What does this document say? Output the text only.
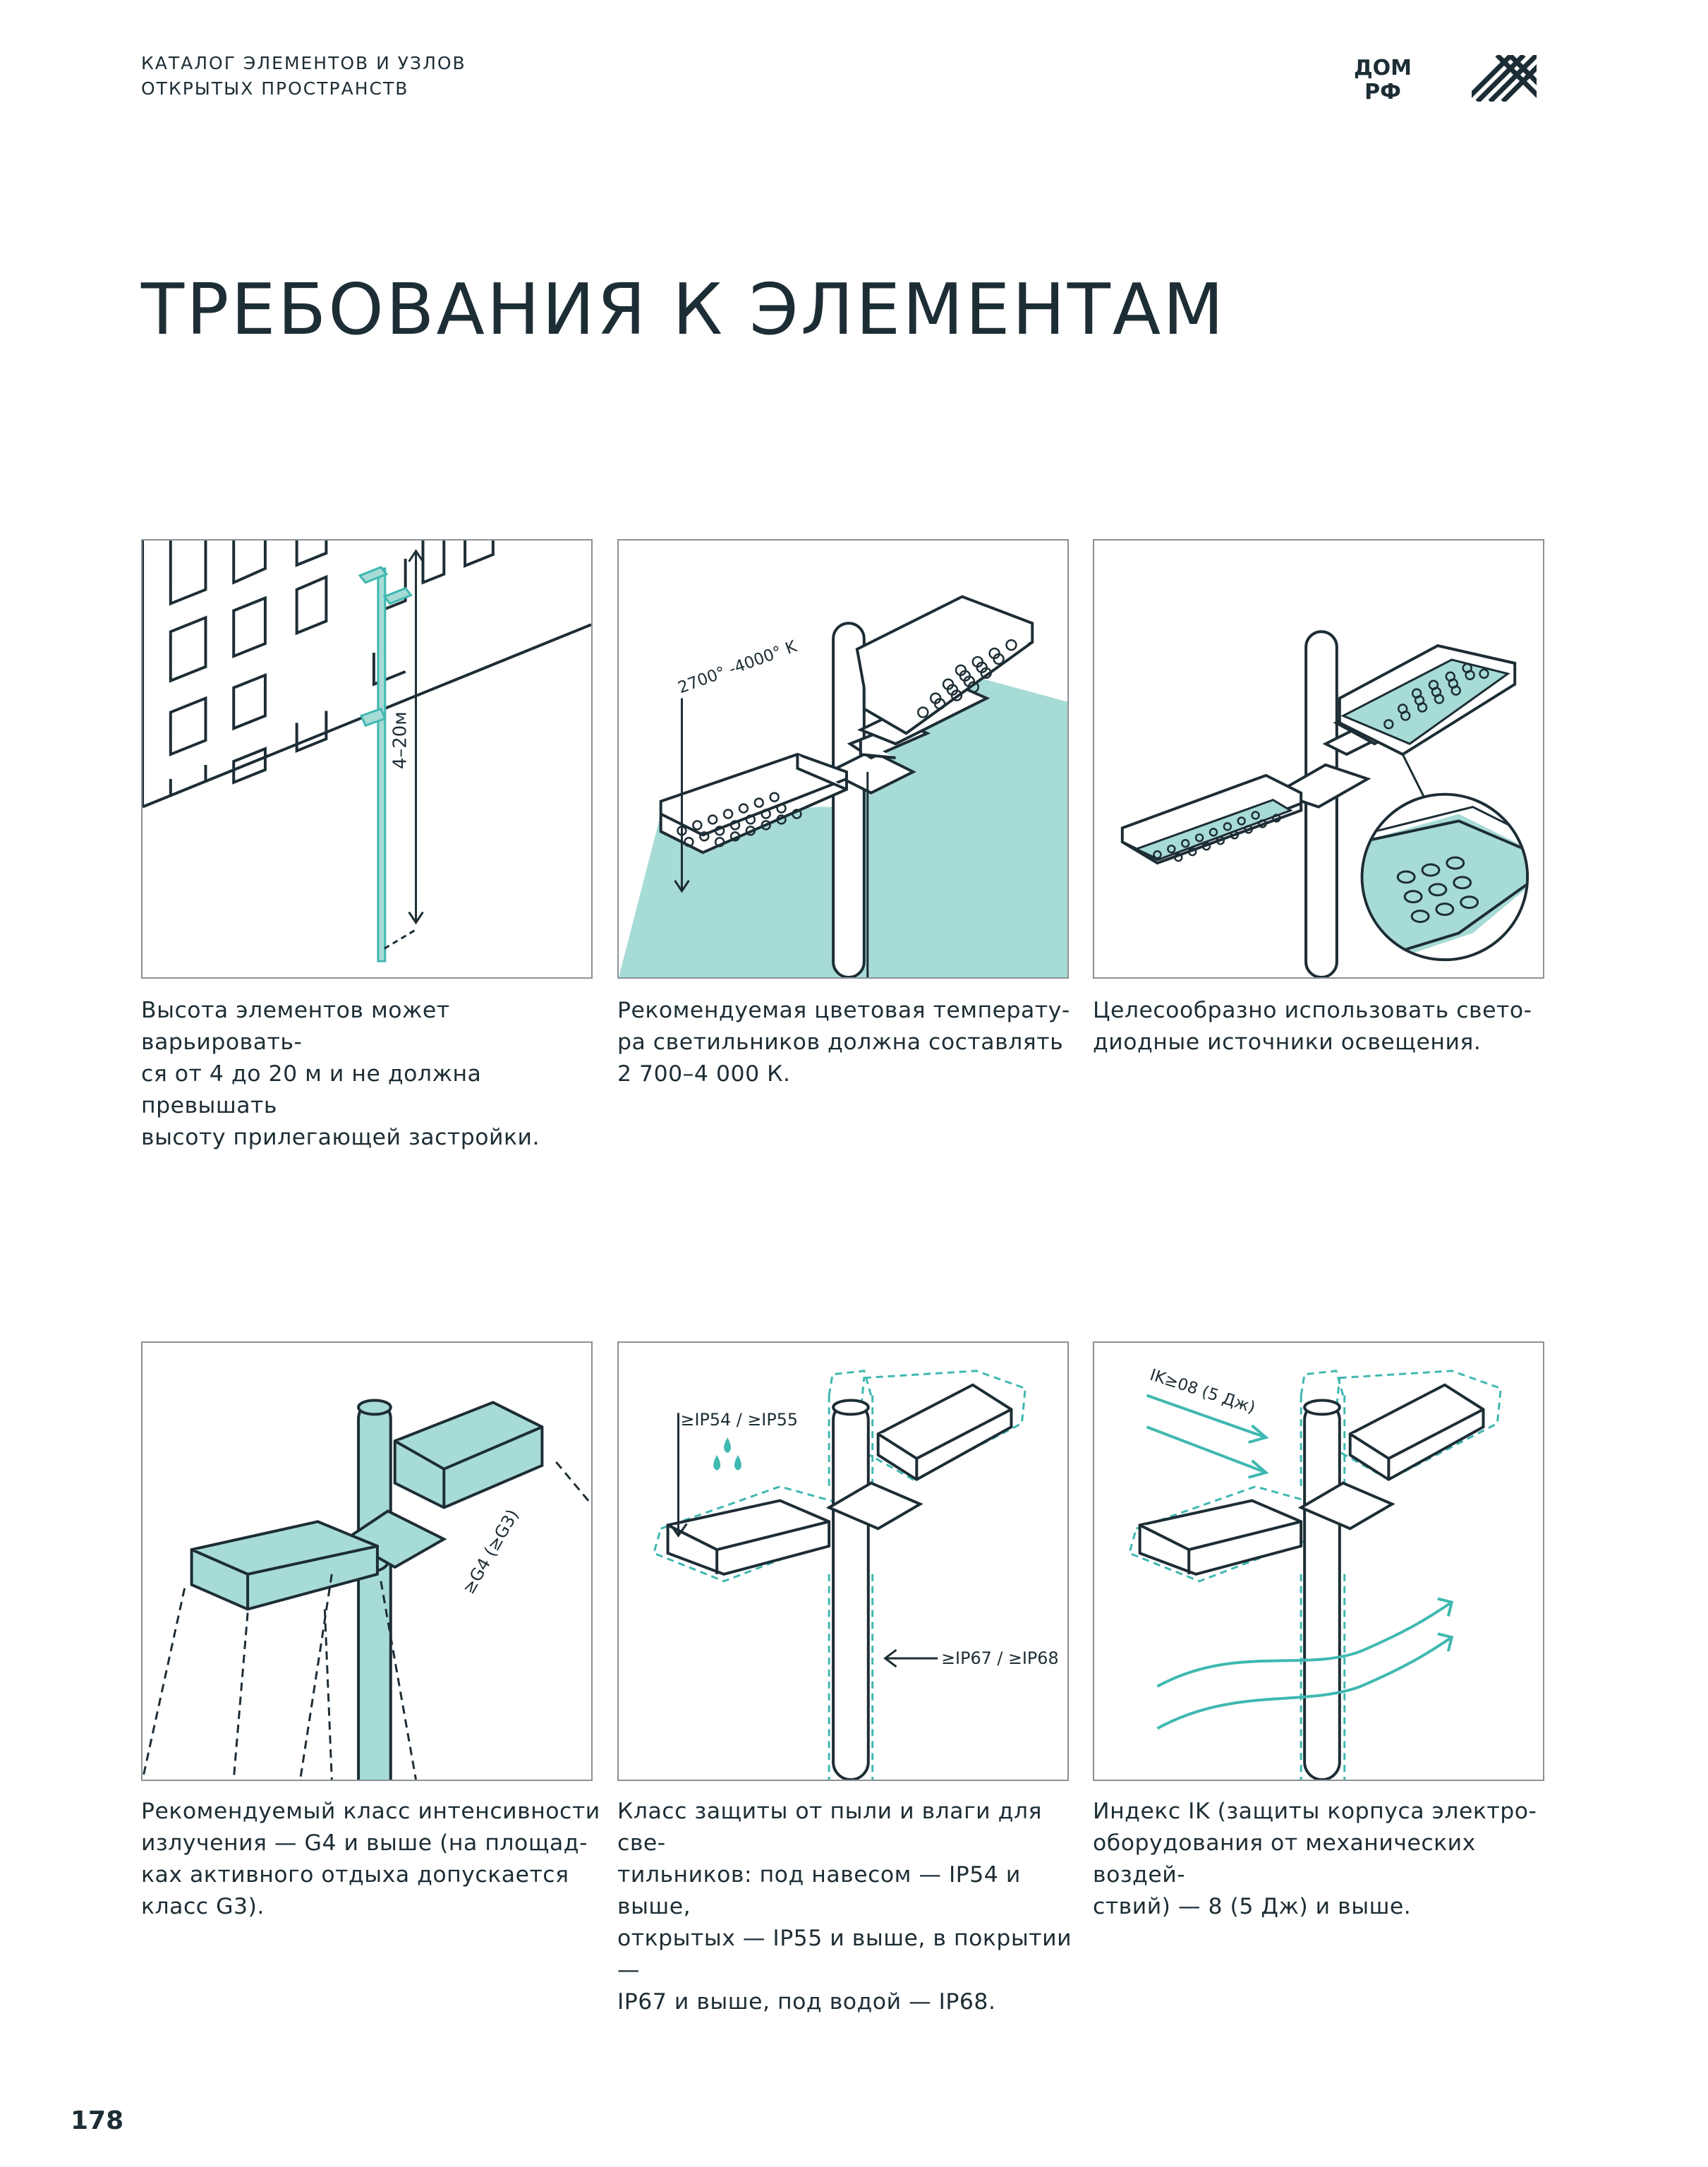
КАТАЛОГ ЭЛЕМЕНТОВ И УЗЛОВ
ОТКРЫТЫХ ПРОСТРАНСТВ
ДОМ
РФ
ТРЕБОВАНИЯ К ЭЛЕМЕНТАМ
4–20м
Высота элементов может варьировать-
ся от 4 до 20 м и не должна превышать
высоту прилегающей застройки.
2700° -4000° K
Рекомендуемая цветовая температу-
ра светильников должна составлять
2 700–4 000 К.
Целесообразно использовать свето-
диодные источники освещения.
≥G4 (≥G3)
Рекомендуемый класс интенсивности
излучения — G4 и выше (на площад-
ках активного отдыха допускается
класс G3).
≥IP54 / ≥IP55
≥IP67 / ≥IP68
Класс защиты от пыли и влаги для све-
тильников: под навесом — IP54 и выше,
открытых — IP55 и выше, в покрытии —
IP67 и выше, под водой — IP68.
IK≥08 (5 Дж)
Индекс IK (защиты корпуса электро-
оборудования от механических воздей-
ствий) — 8 (5 Дж) и выше.
178
